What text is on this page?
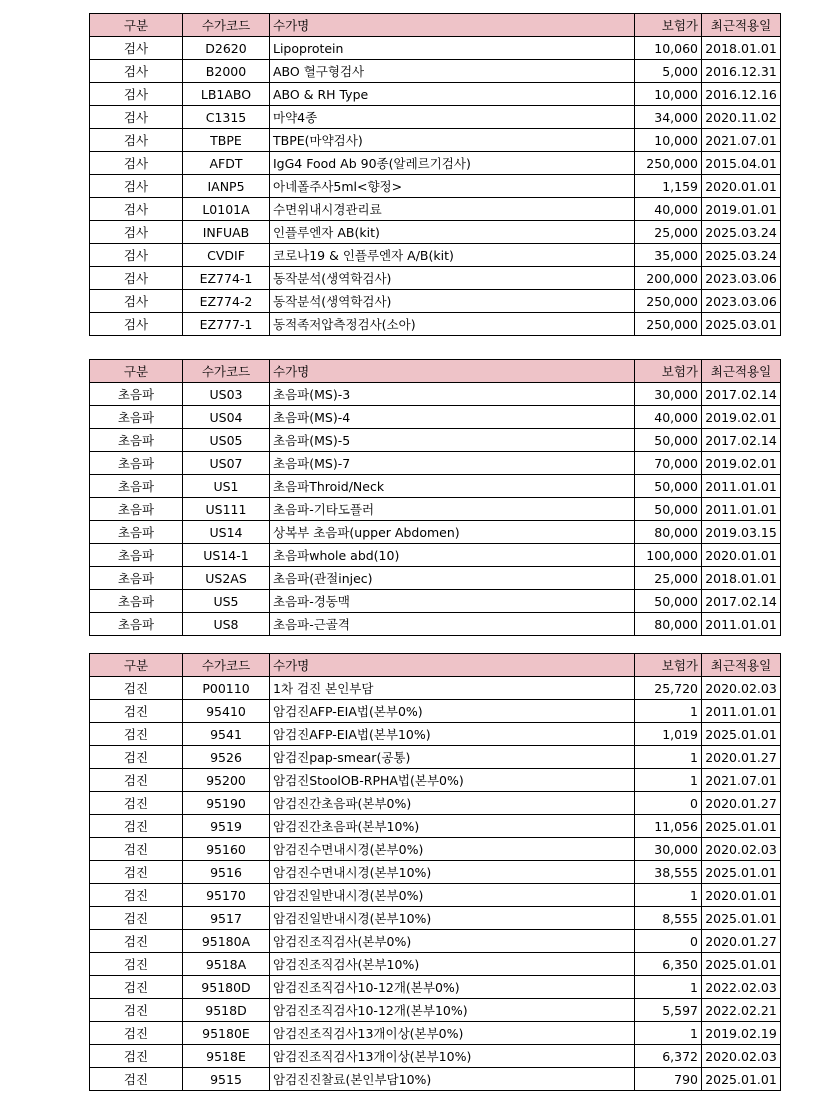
구분	수가코드	수가명	보험가	최근적용일
검사	D2620	Lipoprotein	10,060	2018.01.01
검사	B2000	ABO 혈구형검사	5,000	2016.12.31
검사	LB1ABO	ABO & RH Type	10,000	2016.12.16
검사	C1315	마약4종	34,000	2020.11.02
검사	TBPE	TBPE(마약검사)	10,000	2021.07.01
검사	AFDT	IgG4 Food Ab 90종(알레르기검사)	250,000	2015.04.01
검사	IANP5	아네폴주사5ml<향정>	1,159	2020.01.01
검사	L0101A	수면위내시경관리료	40,000	2019.01.01
검사	INFUAB	인플루엔자 AB(kit)	25,000	2025.03.24
검사	CVDIF	코로나19 & 인플루엔자 A/B(kit)	35,000	2025.03.24
검사	EZ774-1	동작분석(생역학검사)	200,000	2023.03.06
검사	EZ774-2	동작분석(생역학검사)	250,000	2023.03.06
검사	EZ777-1	동적족저압측정검사(소아)	250,000	2025.03.01
구분	수가코드	수가명	보험가	최근적용일
초음파	US03	초음파(MS)-3	30,000	2017.02.14
초음파	US04	초음파(MS)-4	40,000	2019.02.01
초음파	US05	초음파(MS)-5	50,000	2017.02.14
초음파	US07	초음파(MS)-7	70,000	2019.02.01
초음파	US1	초음파Throid/Neck	50,000	2011.01.01
초음파	US111	초음파-기타도플러	50,000	2011.01.01
초음파	US14	상복부 초음파(upper Abdomen)	80,000	2019.03.15
초음파	US14-1	초음파whole abd(10)	100,000	2020.01.01
초음파	US2AS	초음파(관절injec)	25,000	2018.01.01
초음파	US5	초음파-경동맥	50,000	2017.02.14
초음파	US8	초음파-근골격	80,000	2011.01.01
구분	수가코드	수가명	보험가	최근적용일
검진	P00110	1차 검진 본인부담	25,720	2020.02.03
검진	95410	암검진AFP-EIA법(본부0%)	1	2011.01.01
검진	9541	암검진AFP-EIA법(본부10%)	1,019	2025.01.01
검진	9526	암검진pap-smear(공통)	1	2020.01.27
검진	95200	암검진StoolOB-RPHA법(본부0%)	1	2021.07.01
검진	95190	암검진간초음파(본부0%)	0	2020.01.27
검진	9519	암검진간초음파(본부10%)	11,056	2025.01.01
검진	95160	암검진수면내시경(본부0%)	30,000	2020.02.03
검진	9516	암검진수면내시경(본부10%)	38,555	2025.01.01
검진	95170	암검진일반내시경(본부0%)	1	2020.01.01
검진	9517	암검진일반내시경(본부10%)	8,555	2025.01.01
검진	95180A	암검진조직검사(본부0%)	0	2020.01.27
검진	9518A	암검진조직검사(본부10%)	6,350	2025.01.01
검진	95180D	암검진조직검사10-12개(본부0%)	1	2022.02.03
검진	9518D	암검진조직검사10-12개(본부10%)	5,597	2022.02.21
검진	95180E	암검진조직검사13개이상(본부0%)	1	2019.02.19
검진	9518E	암검진조직검사13개이상(본부10%)	6,372	2020.02.03
검진	9515	암검진진찰료(본인부담10%)	790	2025.01.01
